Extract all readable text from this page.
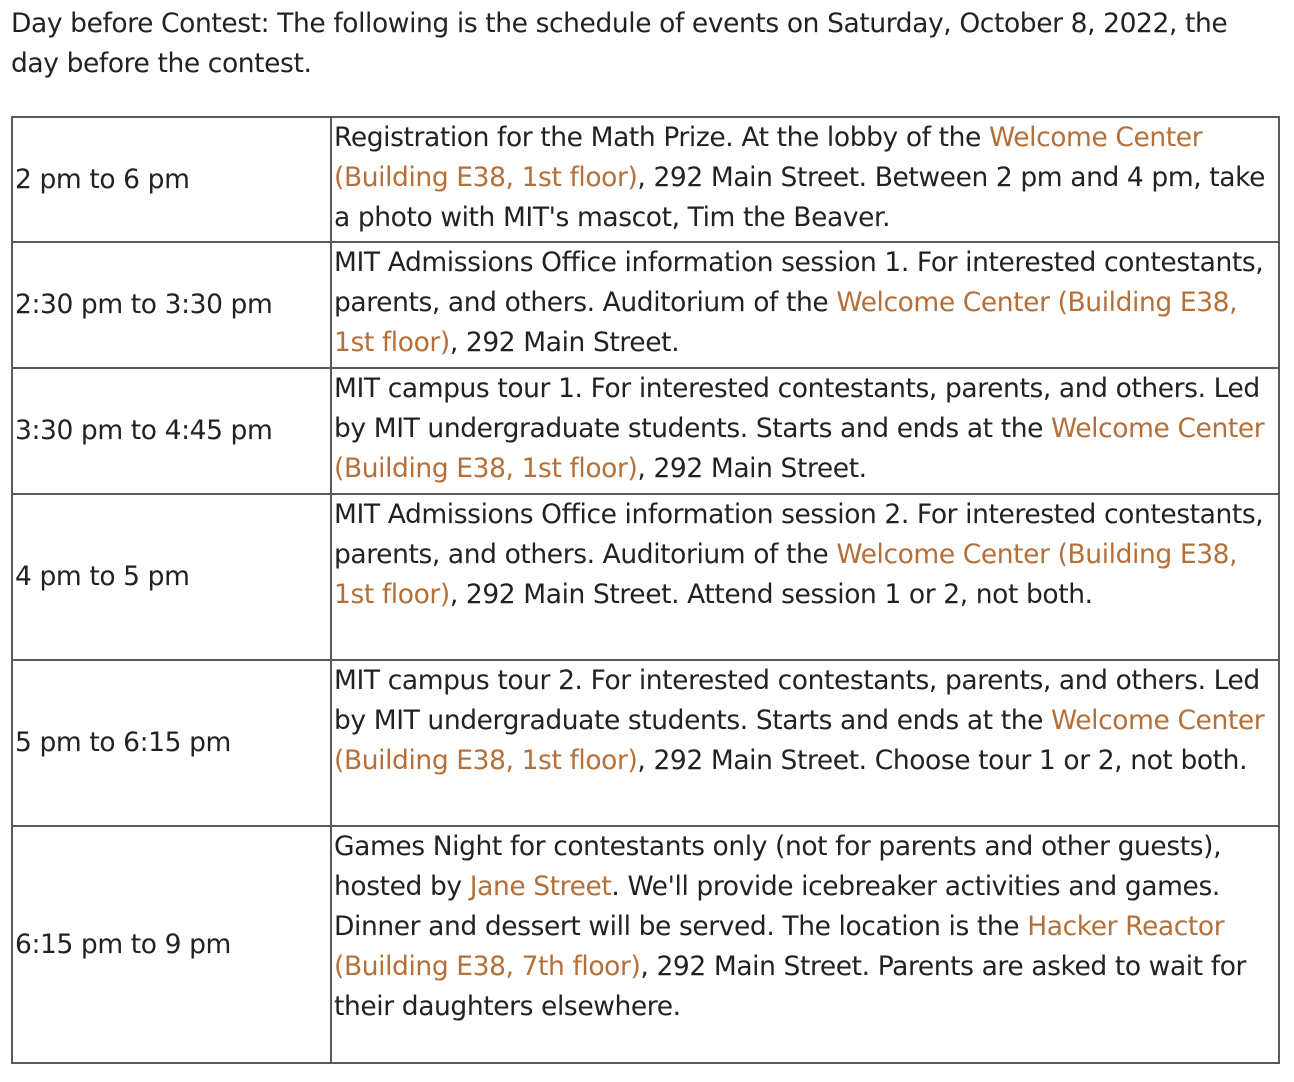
Day before Contest: The following is the schedule of events on Saturday, October 8, 2022, the day before the contest.

2 pm to 6 pm	Registration for the Math Prize. At the lobby of the Welcome Center (Building E38, 1st floor), 292 Main Street. Between 2 pm and 4 pm, take a photo with MIT's mascot, Tim the Beaver.
2:30 pm to 3:30 pm	MIT Admissions Office information session 1. For interested contestants, parents, and others. Auditorium of the Welcome Center (Building E38, 1st floor), 292 Main Street.
3:30 pm to 4:45 pm	MIT campus tour 1. For interested contestants, parents, and others. Led by MIT undergraduate students. Starts and ends at the Welcome Center (Building E38, 1st floor), 292 Main Street.
4 pm to 5 pm	MIT Admissions Office information session 2. For interested contestants, parents, and others. Auditorium of the Welcome Center (Building E38, 1st floor), 292 Main Street. Attend session 1 or 2, not both.
5 pm to 6:15 pm	MIT campus tour 2. For interested contestants, parents, and others. Led by MIT undergraduate students. Starts and ends at the Welcome Center (Building E38, 1st floor), 292 Main Street. Choose tour 1 or 2, not both.
6:15 pm to 9 pm	Games Night for contestants only (not for parents and other guests), hosted by Jane Street. We'll provide icebreaker activities and games. Dinner and dessert will be served. The location is the Hacker Reactor (Building E38, 7th floor), 292 Main Street. Parents are asked to wait for their daughters elsewhere.
